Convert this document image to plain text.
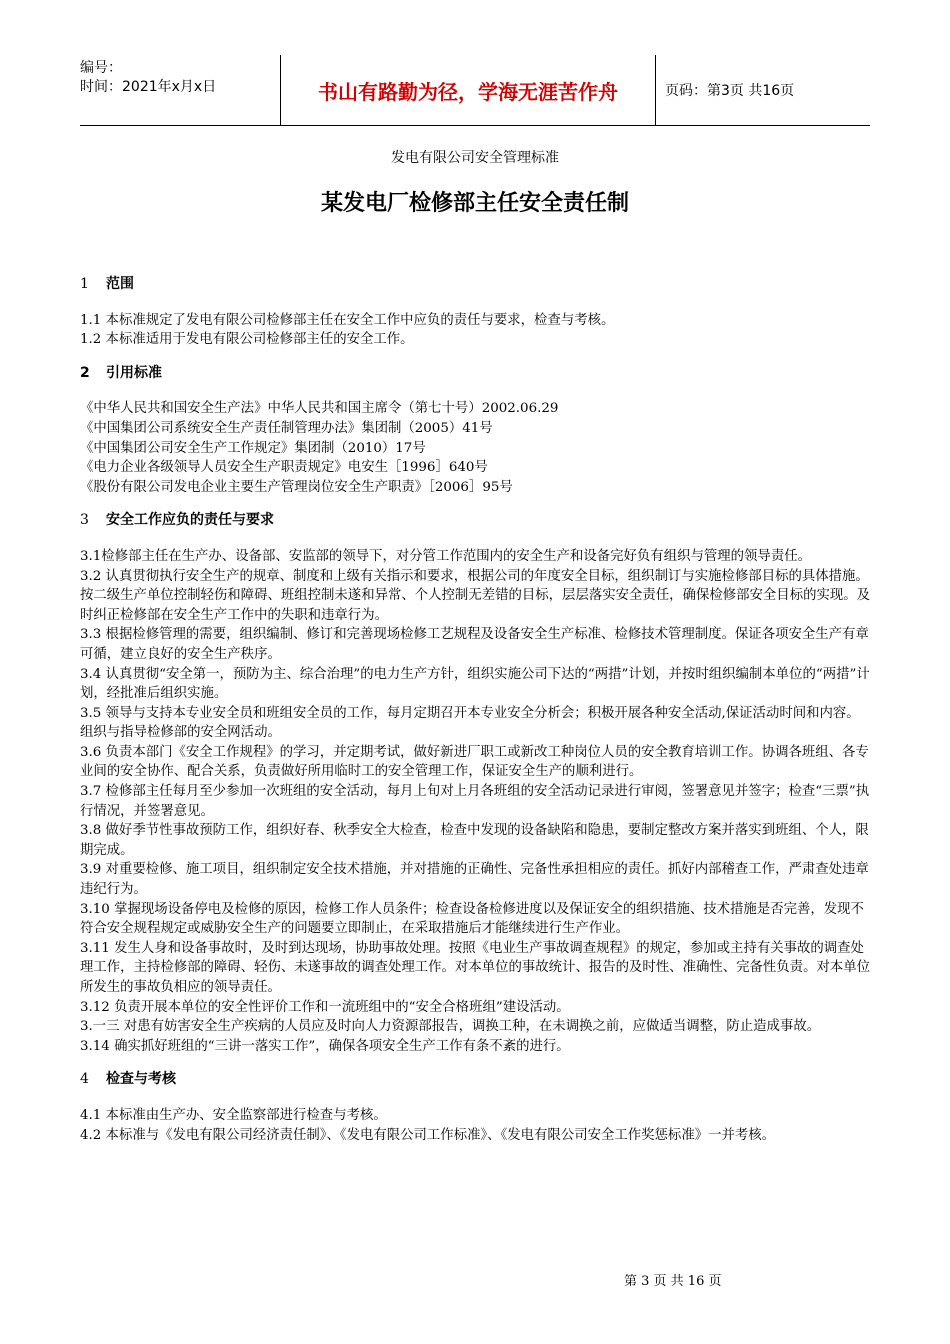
编号：
时间：2021年x月x日	书山有路勤为径，学海无涯苦作舟	页码：第3页 共16页
发电有限公司安全管理标准
某发电厂检修部主任安全责任制

1 范围

1.1 本标准规定了发电有限公司检修部主任在安全工作中应负的责任与要求，检查与考核。

1.2 本标准适用于发电有限公司检修部主任的安全工作。

2 引用标准

《中华人民共和国安全生产法》中华人民共和国主席令（第七十号）2002.06.29

《中国集团公司系统安全生产责任制管理办法》集团制（2005）41号

《中国集团公司安全生产工作规定》集团制（2010）17号

《电力企业各级领导人员安全生产职责规定》电安生［1996］640号

《股份有限公司发电企业主要生产管理岗位安全生产职责》［2006］95号

3 安全工作应负的责任与要求

3.1检修部主任在生产办、设备部、安监部的领导下，对分管工作范围内的安全生产和设备完好负有组织与管理的领导责任。

3.2 认真贯彻执行安全生产的规章、制度和上级有关指示和要求，根据公司的年度安全目标，组织制订与实施检修部目标的具体措施。按二级生产单位控制轻伤和障碍、班组控制未遂和异常、个人控制无差错的目标，层层落实安全责任，确保检修部安全目标的实现。及时纠正检修部在安全生产工作中的失职和违章行为。

3.3 根据检修管理的需要，组织编制、修订和完善现场检修工艺规程及设备安全生产标准、检修技术管理制度。保证各项安全生产有章可循，建立良好的安全生产秩序。

3.4 认真贯彻“安全第一，预防为主、综合治理”的电力生产方针，组织实施公司下达的“两措”计划，并按时组织编制本单位的“两措”计划，经批准后组织实施。

3.5 领导与支持本专业安全员和班组安全员的工作，每月定期召开本专业安全分析会；积极开展各种安全活动,保证活动时间和内容。组织与指导检修部的安全网活动。

3.6 负责本部门《安全工作规程》的学习，并定期考试，做好新进厂职工或新改工种岗位人员的安全教育培训工作。协调各班组、各专业间的安全协作、配合关系，负责做好所用临时工的安全管理工作，保证安全生产的顺利进行。

3.7 检修部主任每月至少参加一次班组的安全活动，每月上旬对上月各班组的安全活动记录进行审阅，签署意见并签字；检查“三票”执行情况，并签署意见。

3.8 做好季节性事故预防工作，组织好春、秋季安全大检查，检查中发现的设备缺陷和隐患，要制定整改方案并落实到班组、个人，限期完成。

3.9 对重要检修、施工项目，组织制定安全技术措施，并对措施的正确性、完备性承担相应的责任。抓好内部稽查工作，严肃查处违章违纪行为。

3.10 掌握现场设备停电及检修的原因，检修工作人员条件；检查设备检修进度以及保证安全的组织措施、技术措施是否完善，发现不符合安全规程规定或威胁安全生产的问题要立即制止，在采取措施后才能继续进行生产作业。

3.11 发生人身和设备事故时，及时到达现场，协助事故处理。按照《电业生产事故调查规程》的规定，参加或主持有关事故的调查处理工作，主持检修部的障碍、轻伤、未遂事故的调查处理工作。对本单位的事故统计、报告的及时性、准确性、完备性负责。对本单位所发生的事故负相应的领导责任。

3.12 负责开展本单位的安全性评价工作和一流班组中的“安全合格班组”建设活动。

3.一三 对患有妨害安全生产疾病的人员应及时向人力资源部报告，调换工种，在未调换之前，应做适当调整，防止造成事故。

3.14 确实抓好班组的“三讲一落实工作”，确保各项安全生产工作有条不紊的进行。

4 检查与考核

4.1 本标准由生产办、安全监察部进行检查与考核。

4.2 本标准与《发电有限公司经济责任制》、《发电有限公司工作标准》、《发电有限公司安全工作奖惩标准》一并考核。

第 3 页 共 16 页
